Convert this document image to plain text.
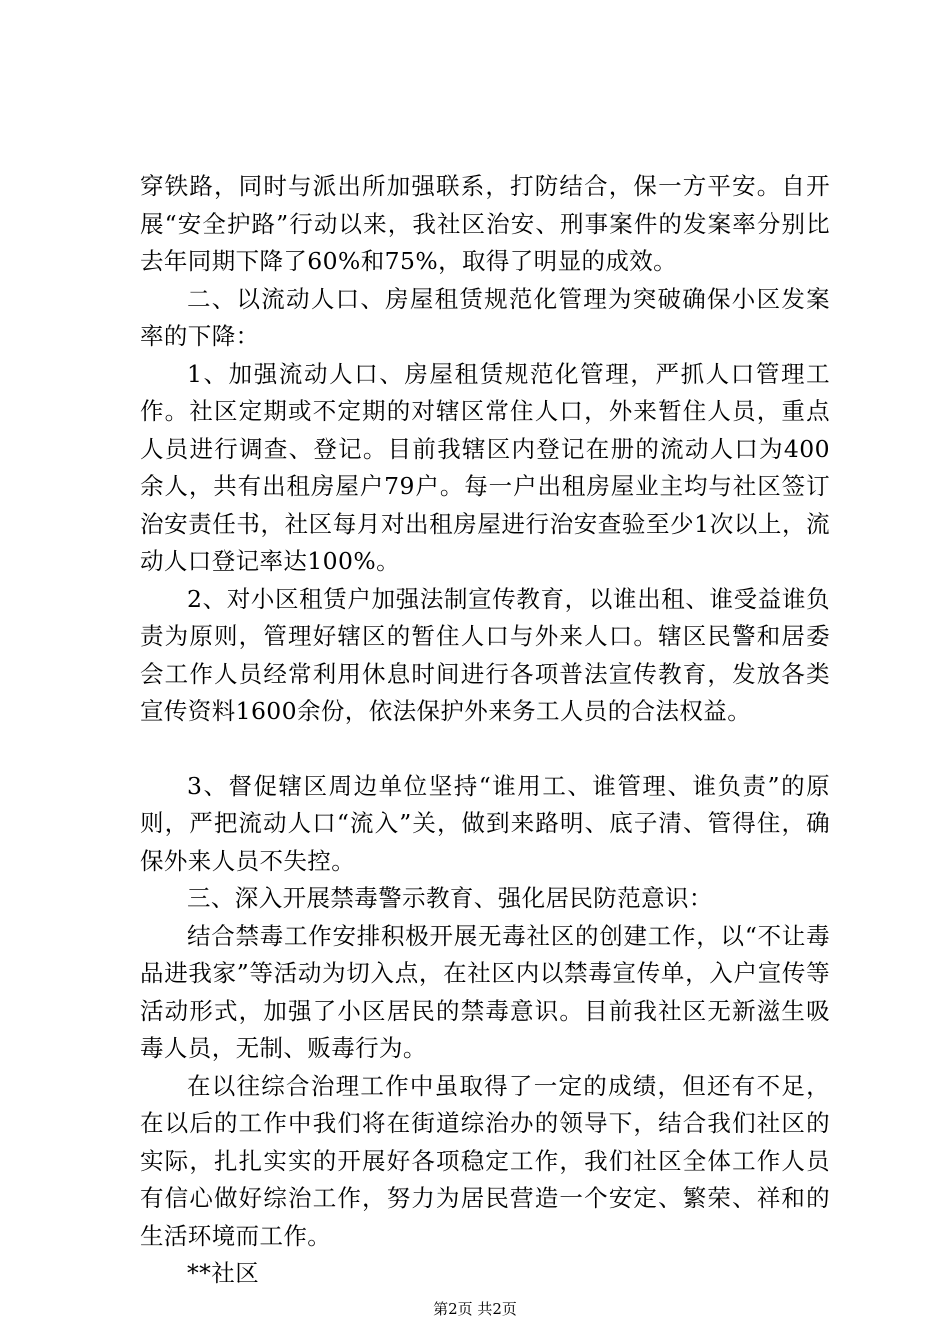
穿铁路，同时与派出所加强联系，打防结合，保一方平安。自开展“安全护路”行动以来，我社区治安、刑事案件的发案率分别比去年同期下降了60%和75%，取得了明显的成效。

二、以流动人口、房屋租赁规范化管理为突破确保小区发案率的下降：

1、加强流动人口、房屋租赁规范化管理，严抓人口管理工作。社区定期或不定期的对辖区常住人口，外来暂住人员，重点人员进行调查、登记。目前我辖区内登记在册的流动人口为400余人，共有出租房屋户79户。每一户出租房屋业主均与社区签订治安责任书，社区每月对出租房屋进行治安查验至少1次以上，流动人口登记率达100%。

2、对小区租赁户加强法制宣传教育，以谁出租、谁受益谁负责为原则，管理好辖区的暂住人口与外来人口。辖区民警和居委会工作人员经常利用休息时间进行各项普法宣传教育，发放各类宣传资料1600余份，依法保护外来务工人员的合法权益。

3、督促辖区周边单位坚持“谁用工、谁管理、谁负责”的原则，严把流动人口“流入”关，做到来路明、底子清、管得住，确保外来人员不失控。

三、深入开展禁毒警示教育、强化居民防范意识：

结合禁毒工作安排积极开展无毒社区的创建工作，以“不让毒品进我家”等活动为切入点，在社区内以禁毒宣传单，入户宣传等活动形式，加强了小区居民的禁毒意识。目前我社区无新滋生吸毒人员，无制、贩毒行为。

在以往综合治理工作中虽取得了一定的成绩，但还有不足，在以后的工作中我们将在街道综治办的领导下，结合我们社区的实际，扎扎实实的开展好各项稳定工作，我们社区全体工作人员有信心做好综治工作，努力为居民营造一个安定、繁荣、祥和的生活环境而工作。

**社区

第2页 共2页
